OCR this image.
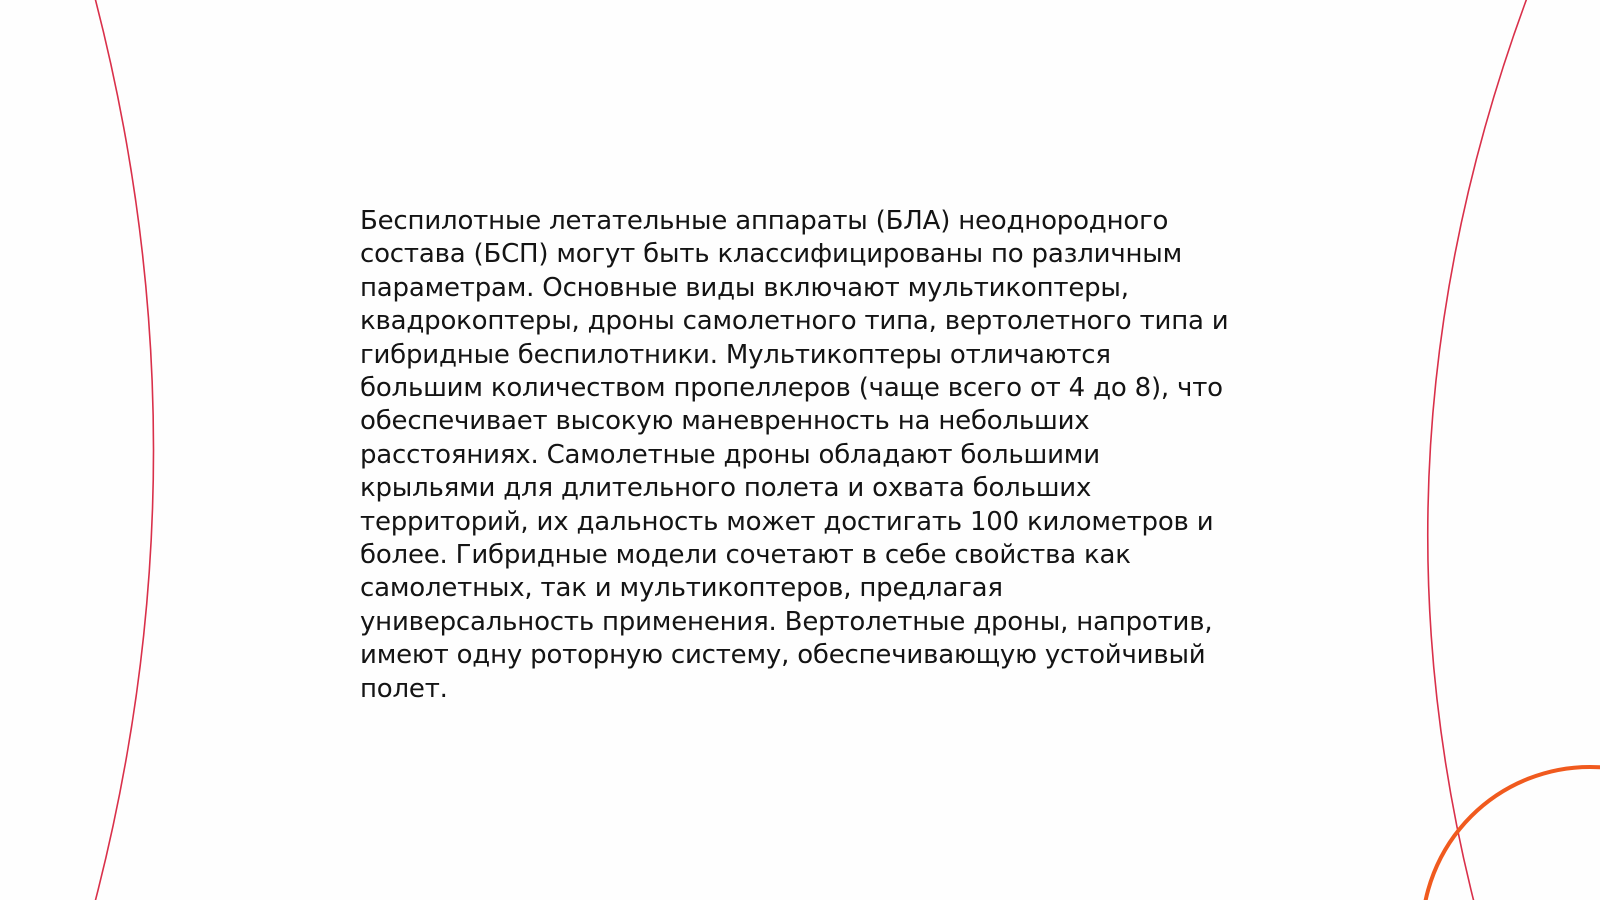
Беспилотные летательные аппараты (БЛА) неоднородного
состава (БСП) могут быть классифицированы по различным
параметрам. Основные виды включают мультикоптеры,
квадрокоптеры, дроны самолетного типа, вертолетного типа и
гибридные беспилотники. Мультикоптеры отличаются
большим количеством пропеллеров (чаще всего от 4 до 8), что
обеспечивает высокую маневренность на небольших
расстояниях. Самолетные дроны обладают большими
крыльями для длительного полета и охвата больших
территорий, их дальность может достигать 100 километров и
более. Гибридные модели сочетают в себе свойства как
самолетных, так и мультикоптеров, предлагая
универсальность применения. Вертолетные дроны, напротив,
имеют одну роторную систему, обеспечивающую устойчивый
полет.
